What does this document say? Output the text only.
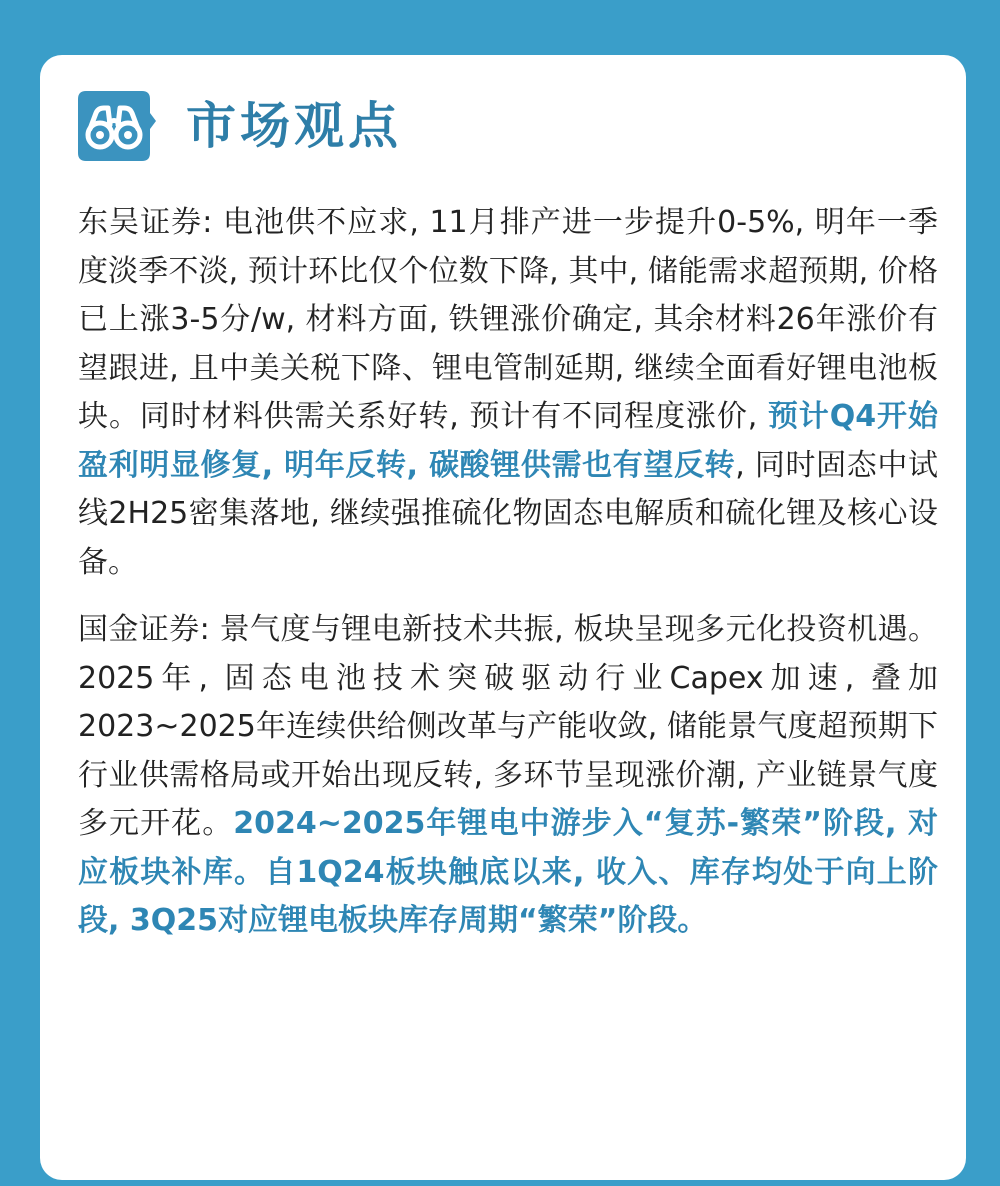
市场观点

东吴证券: 电池供不应求, 11月排产进一步提升0-5%, 明年一季度淡季不淡, 预计环比仅个位数下降, 其中, 储能需求超预期, 价格已上涨3-5分/w, 材料方面, 铁锂涨价确定, 其余材料26年涨价有望跟进, 且中美关税下降、锂电管制延期, 继续全面看好锂电池板块。同时材料供需关系好转, 预计有不同程度涨价, 预计Q4开始盈利明显修复, 明年反转, 碳酸锂供需也有望反转, 同时固态中试线2H25密集落地, 继续强推硫化物固态电解质和硫化锂及核心设备。

国金证券: 景气度与锂电新技术共振, 板块呈现多元化投资机遇。2025年, 固态电池技术突破驱动行业Capex加速, 叠加2023~2025年连续供给侧改革与产能收敛, 储能景气度超预期下行业供需格局或开始出现反转, 多环节呈现涨价潮, 产业链景气度多元开花。2024~2025年锂电中游步入“复苏-繁荣”阶段, 对应板块补库。自1Q24板块触底以来, 收入、库存均处于向上阶段, 3Q25对应锂电板块库存周期“繁荣”阶段。
